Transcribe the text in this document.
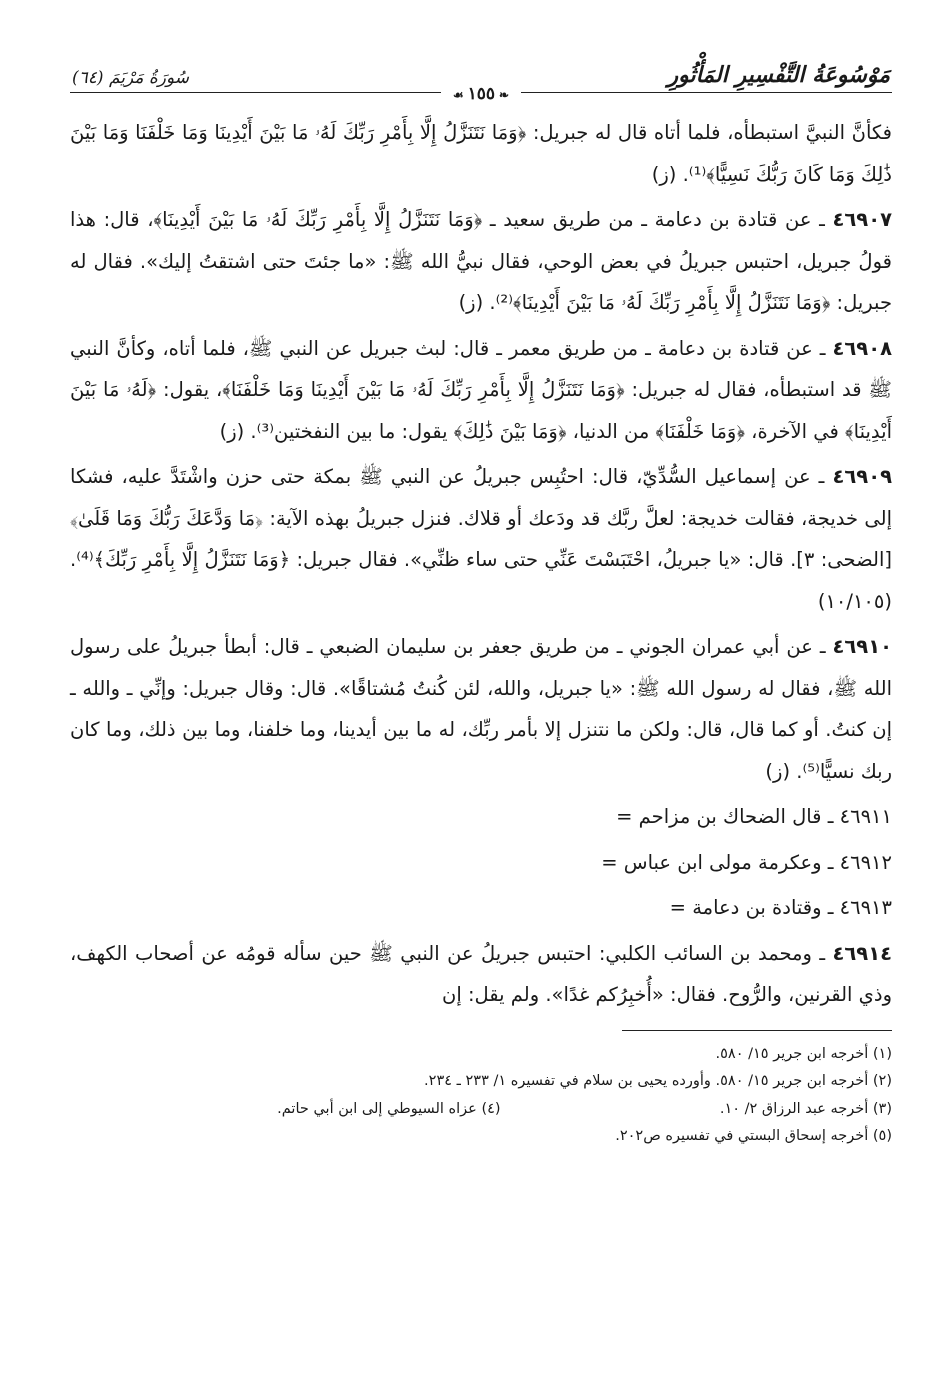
مَوْسُوعَةُ التَّفْسِيرِ المَأْثُورِ
سُورَةُ مَرْيَمَ (٦٤)
❧١٥٥☙

فكأنَّ النبيَّ استبطأه، فلما أتاه قال له جبريل: ﴿وَمَا نَتَنَزَّلُ إِلَّا بِأَمْرِ رَبِّكَ لَهُۥ مَا بَيْنَ أَيْدِينَا وَمَا خَلْفَنَا وَمَا بَيْنَ ذَٰلِكَ وَمَا كَانَ رَبُّكَ نَسِيًّا﴾⁽¹⁾. (ز)

٤٦٩٠٧ ـ عن قتادة بن دعامة ـ من طريق سعيد ـ ﴿وَمَا نَتَنَزَّلُ إِلَّا بِأَمْرِ رَبِّكَ لَهُۥ مَا بَيْنَ أَيْدِينَا﴾، قال: هذا قولُ جبريل، احتبس جبريلُ في بعض الوحي، فقال نبيُّ الله ﷺ: «ما جئتَ حتى اشتقتُ إليك». فقال له جبريل: ﴿وَمَا نَتَنَزَّلُ إِلَّا بِأَمْرِ رَبِّكَ لَهُۥ مَا بَيْنَ أَيْدِينَا﴾⁽²⁾. (ز)

٤٦٩٠٨ ـ عن قتادة بن دعامة ـ من طريق معمر ـ قال: لبث جبريل عن النبي ﷺ، فلما أتاه، وكأنَّ النبي ﷺ قد استبطأه، فقال له جبريل: ﴿وَمَا نَتَنَزَّلُ إِلَّا بِأَمْرِ رَبِّكَ لَهُۥ مَا بَيْنَ أَيْدِينَا وَمَا خَلْفَنَا﴾، يقول: ﴿لَهُۥ مَا بَيْنَ أَيْدِينَا﴾ في الآخرة، ﴿وَمَا خَلْفَنَا﴾ من الدنيا، ﴿وَمَا بَيْنَ ذَٰلِكَ﴾ يقول: ما بين النفختين⁽³⁾. (ز)

٤٦٩٠٩ ـ عن إسماعيل السُّدِّيّ، قال: احتُبِس جبريلُ عن النبي ﷺ بمكة حتى حزن واشْتَدَّ عليه، فشكا إلى خديجة، فقالت خديجة: لعلَّ ربَّك قد ودَعك أو قلاك. فنزل جبريلُ بهذه الآية: ﴿مَا وَدَّعَكَ رَبُّكَ وَمَا قَلَىٰ﴾ [الضحى: ٣]. قال: «يا جبريلُ، احْتَبَسْتَ عَنِّي حتى ساء ظنِّي». فقال جبريل: ﴿وَمَا نَتَنَزَّلُ إِلَّا بِأَمْرِ رَبِّكَ﴾⁽⁴⁾. (١٠/١٠٥)

٤٦٩١٠ ـ عن أبي عمران الجوني ـ من طريق جعفر بن سليمان الضبعي ـ قال: أبطأ جبريلُ على رسول الله ﷺ، فقال له رسول الله ﷺ: «يا جبريل، والله، لئن كُنتُ مُشتاقًا». قال: وقال جبريل: وإنِّي ـ والله ـ إن كنتُ. أو كما قال، قال: ولكن ما نتنزل إلا بأمر ربِّك، له ما بين أيدينا، وما خلفنا، وما بين ذلك، وما كان ربك نسيًّا⁽⁵⁾. (ز)

٤٦٩١١ ـ قال الضحاك بن مزاحم =

٤٦٩١٢ ـ وعكرمة مولى ابن عباس =

٤٦٩١٣ ـ وقتادة بن دعامة =

٤٦٩١٤ ـ ومحمد بن السائب الكلبي: احتبس جبريلُ عن النبي ﷺ حين سأله قومُه عن أصحاب الكهف، وذي القرنين، والرُّوح. فقال: «أُخبِرُكم غدًا». ولم يقل: إن

(١) أخرجه ابن جرير ١٥/ ٥٨٠.
(٢) أخرجه ابن جرير ١٥/ ٥٨٠. وأورده يحيى بن سلام في تفسيره ١/ ٢٣٣ ـ ٢٣٤.
(٣) أخرجه عبد الرزاق ٢/ ١٠.
(٤) عزاه السيوطي إلى ابن أبي حاتم.
(٥) أخرجه إسحاق البستي في تفسيره ص٢٠٢.
